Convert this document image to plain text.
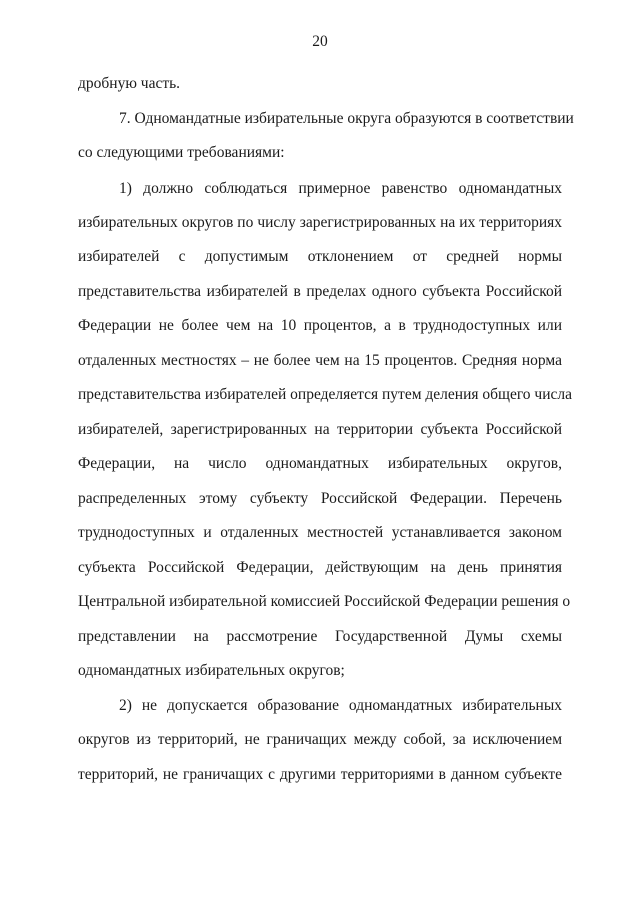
20
дробную часть.
7. Одномандатные избирательные округа образуются в соответствии
со следующими требованиями:
1) должно соблюдаться примерное равенство одномандатных
избирательных округов по числу зарегистрированных на их территориях
избирателей с допустимым отклонением от средней нормы
представительства избирателей в пределах одного субъекта Российской
Федерации не более чем на 10 процентов, а в труднодоступных или
отдаленных местностях – не более чем на 15 процентов. Средняя норма
представительства избирателей определяется путем деления общего числа
избирателей, зарегистрированных на территории субъекта Российской
Федерации, на число одномандатных избирательных округов,
распределенных этому субъекту Российской Федерации. Перечень
труднодоступных и отдаленных местностей устанавливается законом
субъекта Российской Федерации, действующим на день принятия
Центральной избирательной комиссией Российской Федерации решения о
представлении на рассмотрение Государственной Думы схемы
одномандатных избирательных округов;
2) не допускается образование одномандатных избирательных
округов из территорий, не граничащих между собой, за исключением
территорий, не граничащих с другими территориями в данном субъекте
